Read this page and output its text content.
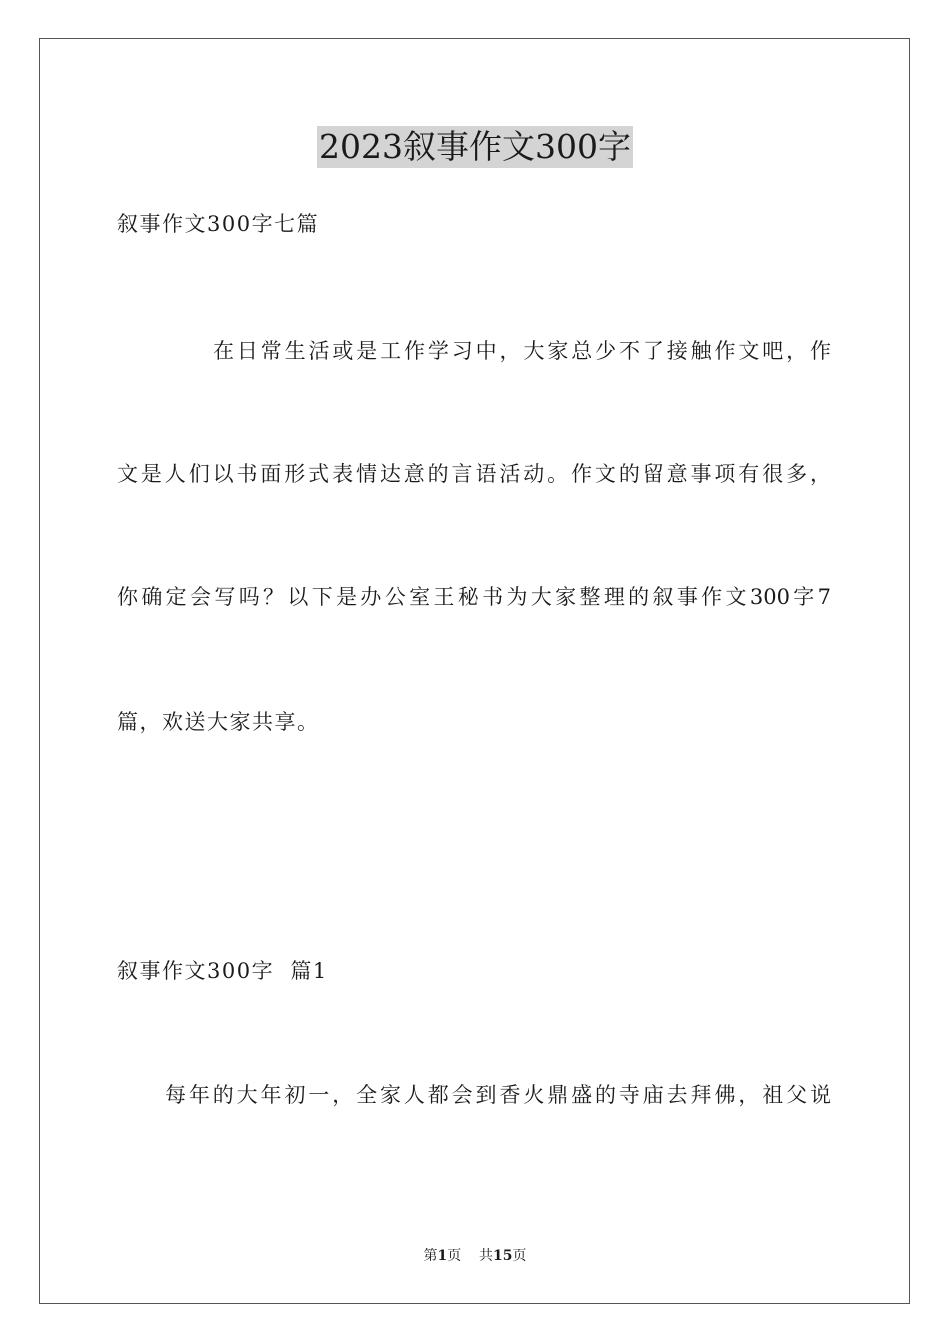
2023叙事作文300字
叙事作文300字七篇
在日常生活或是工作学习中，大家总少不了接触作文吧，作
文是人们以书面形式表情达意的言语活动。作文的留意事项有很多，
你确定会写吗？以下是办公室王秘书为大家整理的叙事作文300字7
篇，欢送大家共享。
叙事作文300字  篇1
每年的大年初一，全家人都会到香火鼎盛的寺庙去拜佛，祖父说
第1页 共15页
